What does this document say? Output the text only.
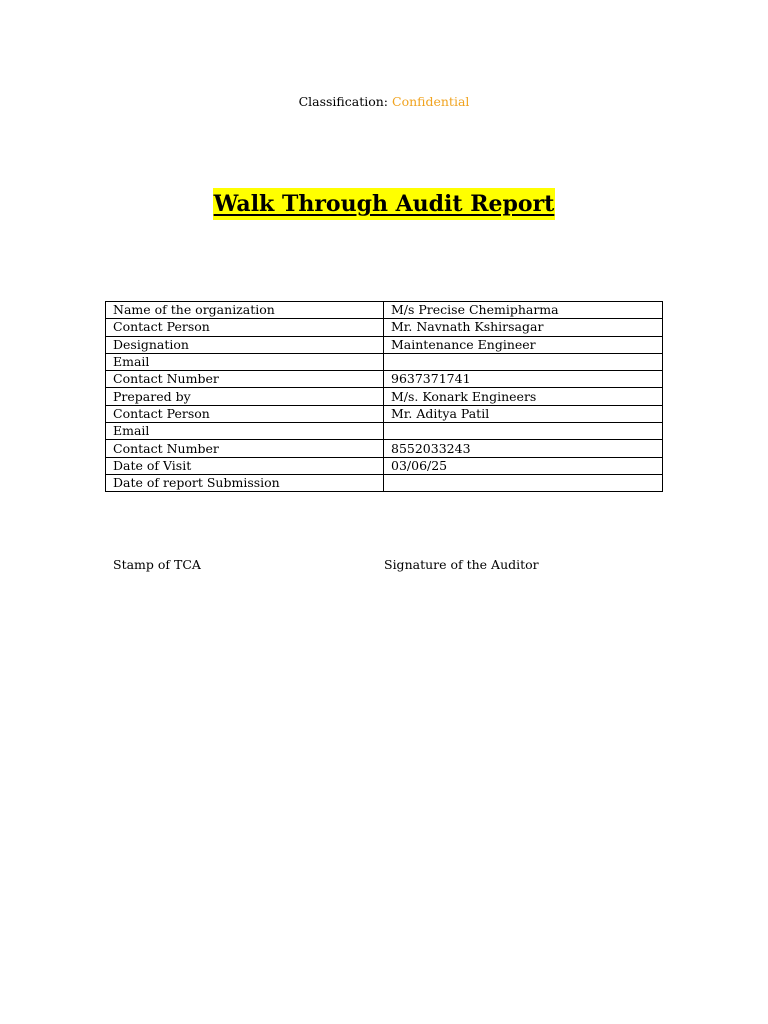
Classification: Confidential
Walk Through Audit Report
Name of the organization	M/s Precise Chemipharma
Contact Person	Mr. Navnath Kshirsagar
Designation	Maintenance Engineer
Email	
Contact Number	9637371741
Prepared by	M/s. Konark Engineers
Contact Person	Mr. Aditya Patil
Email	
Contact Number	8552033243
Date of Visit	03/06/25
Date of report Submission	
Stamp of TCA	Signature of the Auditor
